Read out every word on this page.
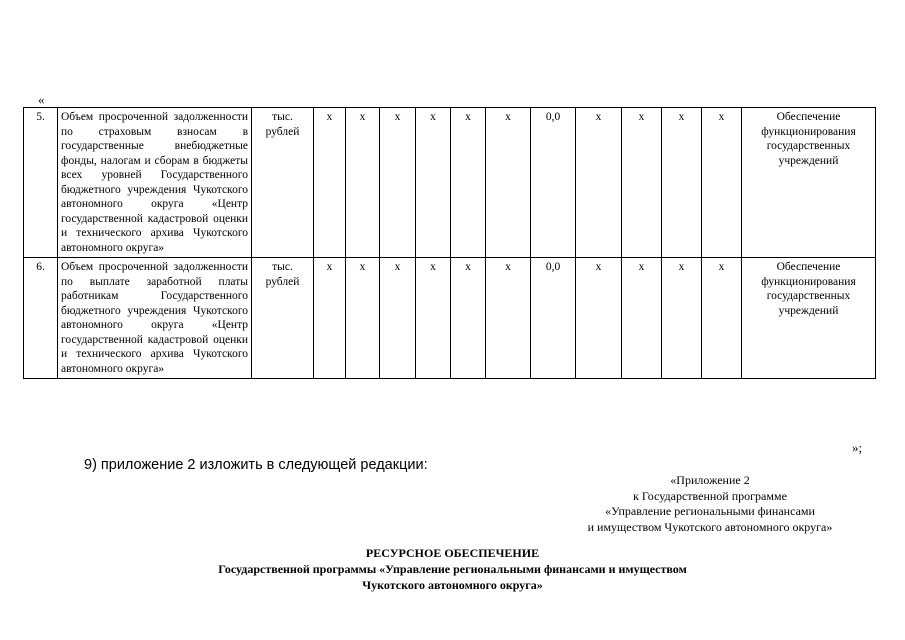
«
5.	Объем просроченной задолженности по страховым взносам в государственные внебюджетные фонды, налогам и сборам в бюджеты всех уровней Государственного бюджетного учреждения Чукотского автономного округа «Центр государственной кадастровой оценки и технического архива Чукотского автономного округа»	тыс. рублей	х	х	х	х	х	х	0,0	х	х	х	х	Обеспечение функционирования государственных учреждений
6.	Объем просроченной задолженности по выплате заработной платы работникам Государственного бюджетного учреждения Чукотского автономного округа «Центр государственной кадастровой оценки и технического архива Чукотского автономного округа»	тыс. рублей	х	х	х	х	х	х	0,0	х	х	х	х	Обеспечение функционирования государственных учреждений
»;
9) приложение 2 изложить в следующей редакции:
«Приложение 2
к Государственной программе
«Управление региональными финансами
и имуществом Чукотского автономного округа»
РЕСУРСНОЕ ОБЕСПЕЧЕНИЕ
Государственной программы «Управление региональными финансами и имуществом
Чукотского автономного округа»
